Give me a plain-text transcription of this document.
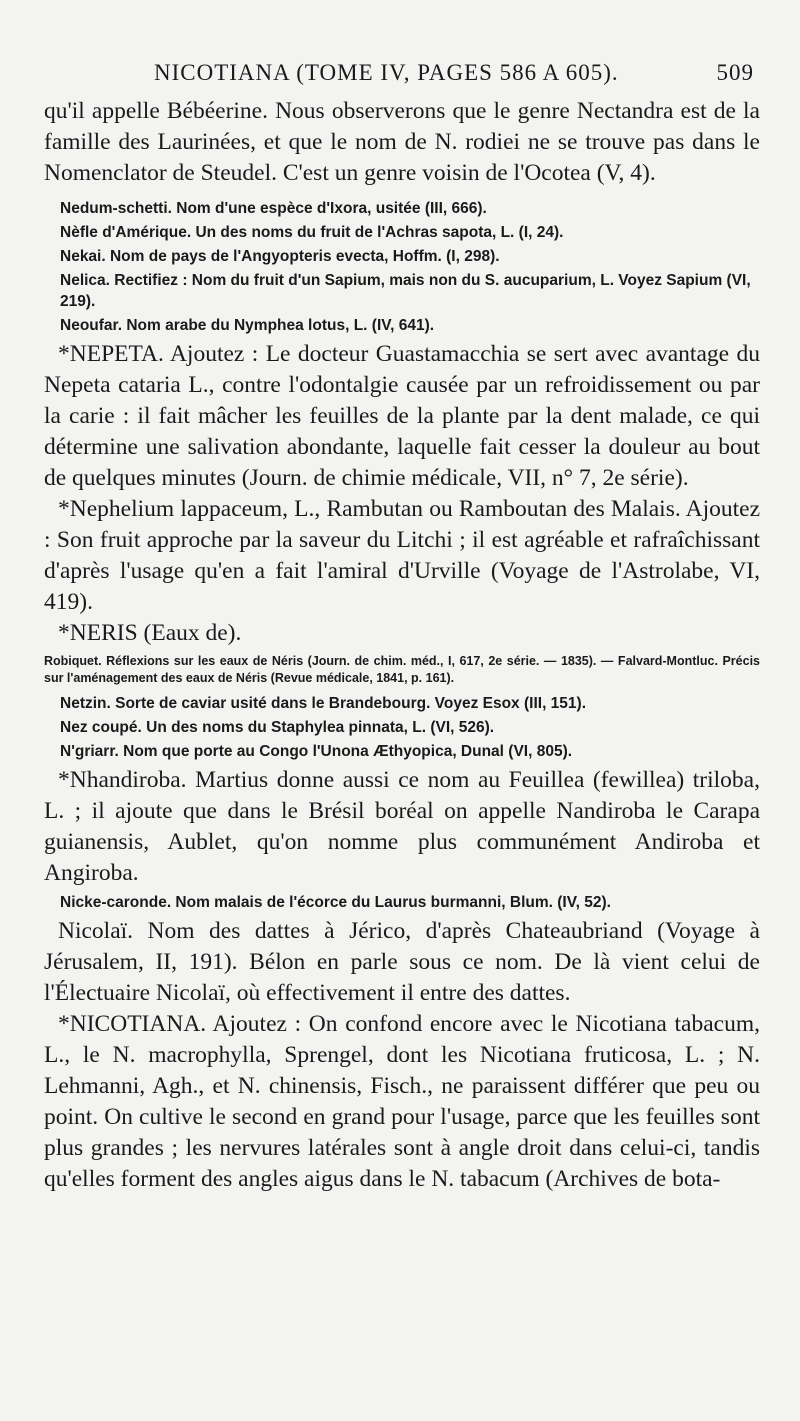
NICOTIANA (TOME IV, PAGES 586 A 605).	509

qu'il appelle Bébéerine. Nous observerons que le genre Nectandra est de la famille des Laurinées, et que le nom de N. rodiei ne se trouve pas dans le Nomenclator de Steudel. C'est un genre voisin de l'Ocotea (V, 4).

Nedum-schetti. Nom d'une espèce d'Ixora, usitée (III, 666).

Nèfle d'Amérique. Un des noms du fruit de l'Achras sapota, L. (I, 24).

Nekai. Nom de pays de l'Angyopteris evecta, Hoffm. (I, 298).

Nelica. Rectifiez : Nom du fruit d'un Sapium, mais non du S. aucuparium, L. Voyez Sapium (VI, 219).

Neoufar. Nom arabe du Nymphea lotus, L. (IV, 641).

*NEPETA. Ajoutez : Le docteur Guastamacchia se sert avec avantage du Nepeta cataria L., contre l'odontalgie causée par un refroidissement ou par la carie : il fait mâcher les feuilles de la plante par la dent malade, ce qui détermine une salivation abondante, laquelle fait cesser la douleur au bout de quelques minutes (Journ. de chimie médicale, VII, n° 7, 2e série).

*Nephelium lappaceum, L., Rambutan ou Ramboutan des Malais. Ajoutez : Son fruit approche par la saveur du Litchi ; il est agréable et rafraîchissant d'après l'usage qu'en a fait l'amiral d'Urville (Voyage de l'Astrolabe, VI, 419).

*NERIS (Eaux de).

Robiquet. Réflexions sur les eaux de Néris (Journ. de chim. méd., I, 617, 2e série. — 1835). — Falvard-Montluc. Précis sur l'aménagement des eaux de Néris (Revue médicale, 1841, p. 161).

Netzin. Sorte de caviar usité dans le Brandebourg. Voyez Esox (III, 151).

Nez coupé. Un des noms du Staphylea pinnata, L. (VI, 526).

N'griarr. Nom que porte au Congo l'Unona Æthyopica, Dunal (VI, 805).

*Nhandiroba. Martius donne aussi ce nom au Feuillea (fewillea) triloba, L. ; il ajoute que dans le Brésil boréal on appelle Nandiroba le Carapa guianensis, Aublet, qu'on nomme plus communément Andiroba et Angiroba.

Nicke-caronde. Nom malais de l'écorce du Laurus burmanni, Blum. (IV, 52).

Nicolaï. Nom des dattes à Jérico, d'après Chateaubriand (Voyage à Jérusalem, II, 191). Bélon en parle sous ce nom. De là vient celui de l'Électuaire Nicolaï, où effectivement il entre des dattes.

*NICOTIANA. Ajoutez : On confond encore avec le Nicotiana tabacum, L., le N. macrophylla, Sprengel, dont les Nicotiana fruticosa, L. ; N. Lehmanni, Agh., et N. chinensis, Fisch., ne paraissent différer que peu ou point. On cultive le second en grand pour l'usage, parce que les feuilles sont plus grandes ; les nervures latérales sont à angle droit dans celui-ci, tandis qu'elles forment des angles aigus dans le N. tabacum (Archives de bota-
